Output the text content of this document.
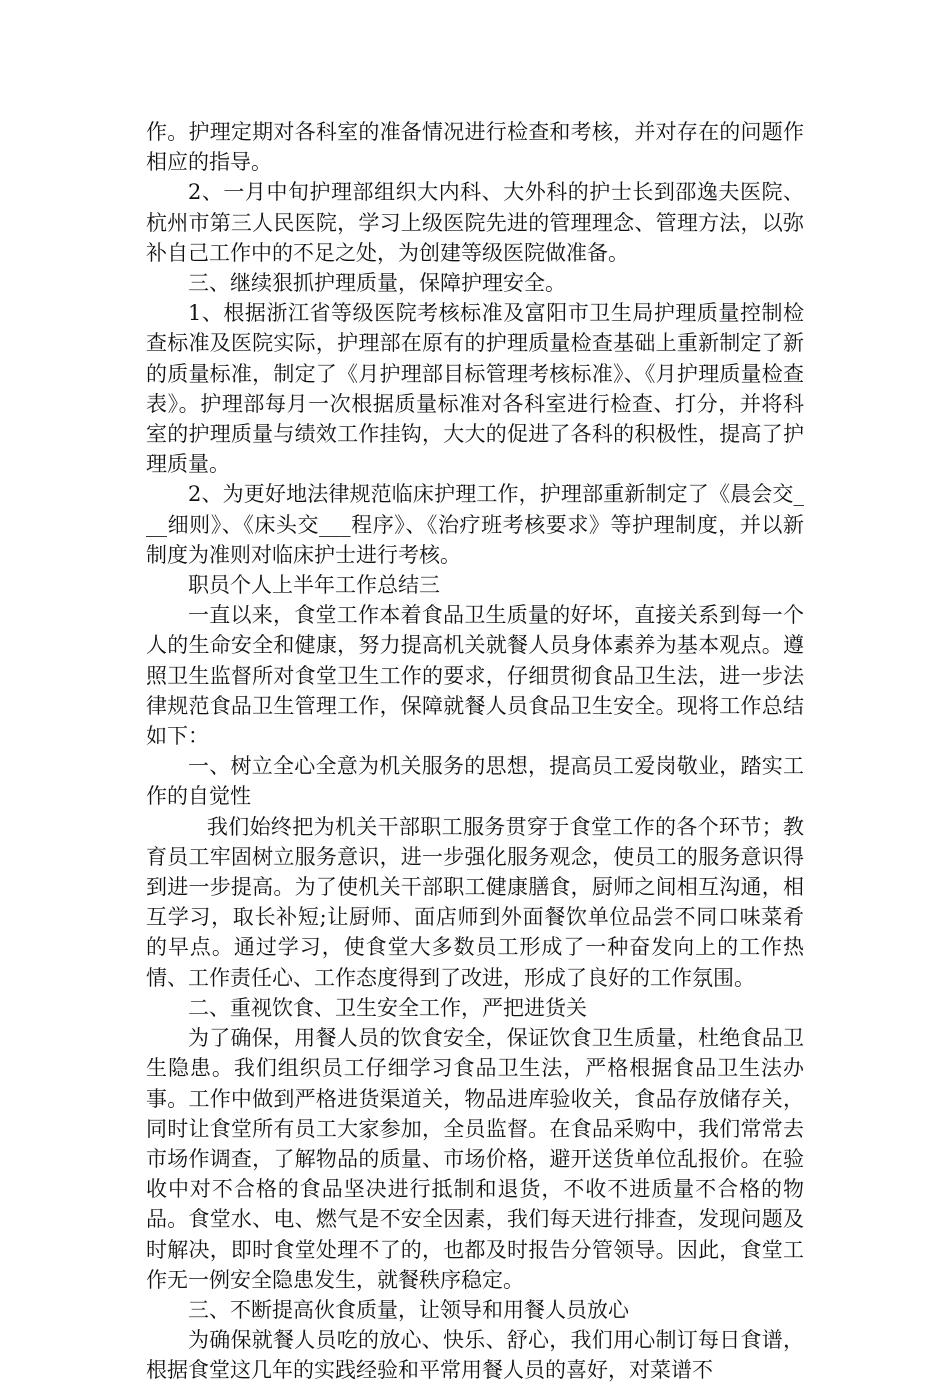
作。护理定期对各科室的准备情况进行检查和考核，并对存在的问题作相应的指导。

2、一月中旬护理部组织大内科、大外科的护士长到邵逸夫医院、杭州市第三人民医院，学习上级医院先进的管理理念、管理方法，以弥补自己工作中的不足之处，为创建等级医院做准备。

三、继续狠抓护理质量，保障护理安全。

1、根据浙江省等级医院考核标准及富阳市卫生局护理质量控制检查标准及医院实际，护理部在原有的护理质量检查基础上重新制定了新的质量标准，制定了《月护理部目标管理考核标准》、《月护理质量检查表》。护理部每月一次根据质量标准对各科室进行检查、打分，并将科室的护理质量与绩效工作挂钩，大大的促进了各科的积极性，提高了护理质量。

2、为更好地法律规范临床护理工作，护理部重新制定了《晨会交___细则》、《床头交___程序》、《治疗班考核要求》等护理制度，并以新制度为准则对临床护士进行考核。

职员个人上半年工作总结三

一直以来，食堂工作本着食品卫生质量的好坏，直接关系到每一个人的生命安全和健康，努力提高机关就餐人员身体素养为基本观点。遵照卫生监督所对食堂卫生工作的要求，仔细贯彻食品卫生法，进一步法律规范食品卫生管理工作，保障就餐人员食品卫生安全。现将工作总结如下：

一、树立全心全意为机关服务的思想，提高员工爱岗敬业，踏实工作的自觉性

我们始终把为机关干部职工服务贯穿于食堂工作的各个环节；教育员工牢固树立服务意识，进一步强化服务观念，使员工的服务意识得到进一步提高。为了使机关干部职工健康膳食，厨师之间相互沟通，相互学习，取长补短;让厨师、面店师到外面餐饮单位品尝不同口味菜肴的早点。通过学习，使食堂大多数员工形成了一种奋发向上的工作热情、工作责任心、工作态度得到了改进，形成了良好的工作氛围。

二、重视饮食、卫生安全工作，严把进货关

为了确保，用餐人员的饮食安全，保证饮食卫生质量，杜绝食品卫生隐患。我们组织员工仔细学习食品卫生法，严格根据食品卫生法办事。工作中做到严格进货渠道关，物品进库验收关，食品存放储存关，同时让食堂所有员工大家参加，全员监督。在食品采购中，我们常常去市场作调查，了解物品的质量、市场价格，避开送货单位乱报价。在验收中对不合格的食品坚决进行抵制和退货，不收不进质量不合格的物品。食堂水、电、燃气是不安全因素，我们每天进行排查，发现问题及时解决，即时食堂处理不了的，也都及时报告分管领导。因此，食堂工作无一例安全隐患发生，就餐秩序稳定。

三、不断提高伙食质量，让领导和用餐人员放心

为确保就餐人员吃的放心、快乐、舒心，我们用心制订每日食谱，根据食堂这几年的实践经验和平常用餐人员的喜好，对菜谱不
